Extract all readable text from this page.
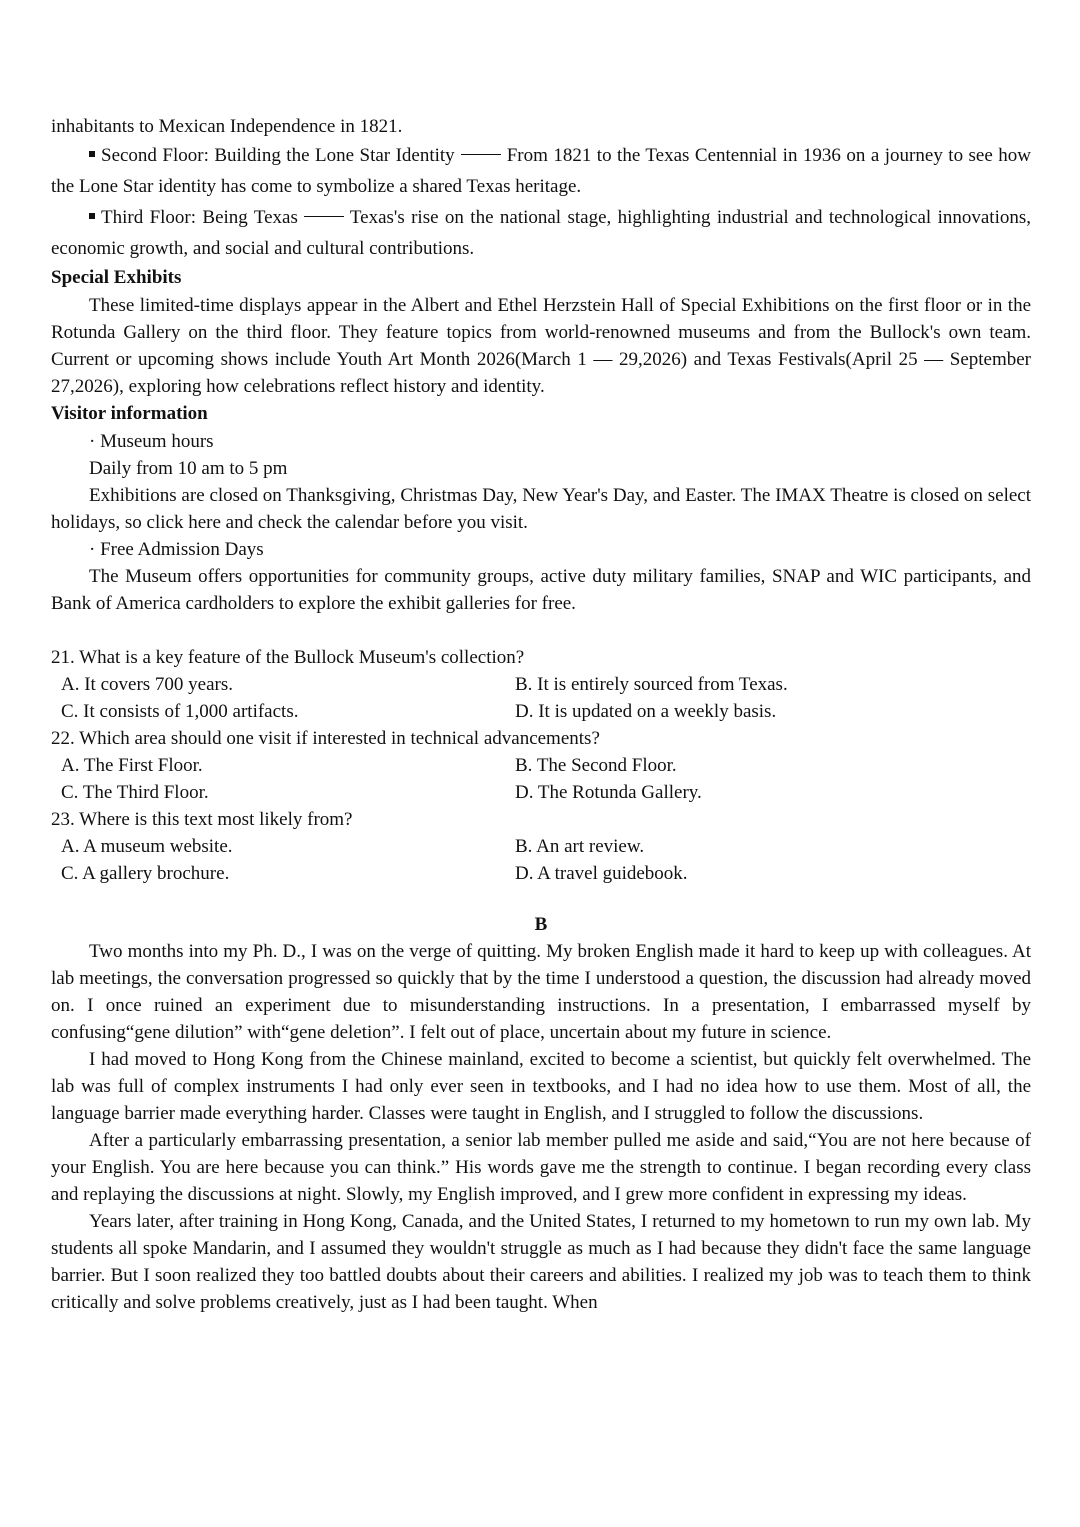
inhabitants to Mexican Independence in 1821.

Second Floor: Building the Lone Star Identity	From 1821 to the Texas Centennial in 1936 on a journey to see how the Lone Star identity has come to symbolize a shared Texas heritage.

Third Floor: Being Texas	Texas's rise on the national stage, highlighting industrial and technological innovations, economic growth, and social and cultural contributions.

Special Exhibits

These limited-time displays appear in the Albert and Ethel Herzstein Hall of Special Exhibitions on the first floor or in the Rotunda Gallery on the third floor. They feature topics from world-renowned museums and from the Bullock's own team. Current or upcoming shows include Youth Art Month 2026(March 1 — 29,2026) and Texas Festivals(April 25 — September 27,2026), exploring how celebrations reflect history and identity.

Visitor information

· Museum hours

Daily from 10 am to 5 pm

Exhibitions are closed on Thanksgiving, Christmas Day, New Year's Day, and Easter. The IMAX Theatre is closed on select holidays, so click here and check the calendar before you visit.

· Free Admission Days

The Museum offers opportunities for community groups, active duty military families, SNAP and WIC participants, and Bank of America cardholders to explore the exhibit galleries for free.

21. What is a key feature of the Bullock Museum's collection?

A. It covers 700 years.	B. It is entirely sourced from Texas.

C. It consists of 1,000 artifacts.	D. It is updated on a weekly basis.

22. Which area should one visit if interested in technical advancements?

A. The First Floor.	B. The Second Floor.

C. The Third Floor.	D. The Rotunda Gallery.

23. Where is this text most likely from?

A. A museum website.	B. An art review.

C. A gallery brochure.	D. A travel guidebook.

B

Two months into my Ph. D., I was on the verge of quitting. My broken English made it hard to keep up with colleagues. At lab meetings, the conversation progressed so quickly that by the time I understood a question, the discussion had already moved on. I once ruined an experiment due to misunderstanding instructions. In a presentation, I embarrassed myself by confusing“gene dilution” with“gene deletion”. I felt out of place, uncertain about my future in science.

I had moved to Hong Kong from the Chinese mainland, excited to become a scientist, but quickly felt overwhelmed. The lab was full of complex instruments I had only ever seen in textbooks, and I had no idea how to use them. Most of all, the language barrier made everything harder. Classes were taught in English, and I struggled to follow the discussions.

After a particularly embarrassing presentation, a senior lab member pulled me aside and said,“You are not here because of your English. You are here because you can think.” His words gave me the strength to continue. I began recording every class and replaying the discussions at night. Slowly, my English improved, and I grew more confident in expressing my ideas.

Years later, after training in Hong Kong, Canada, and the United States, I returned to my hometown to run my own lab. My students all spoke Mandarin, and I assumed they wouldn't struggle as much as I had because they didn't face the same language barrier. But I soon realized they too battled doubts about their careers and abilities. I realized my job was to teach them to think critically and solve problems creatively, just as I had been taught. When
